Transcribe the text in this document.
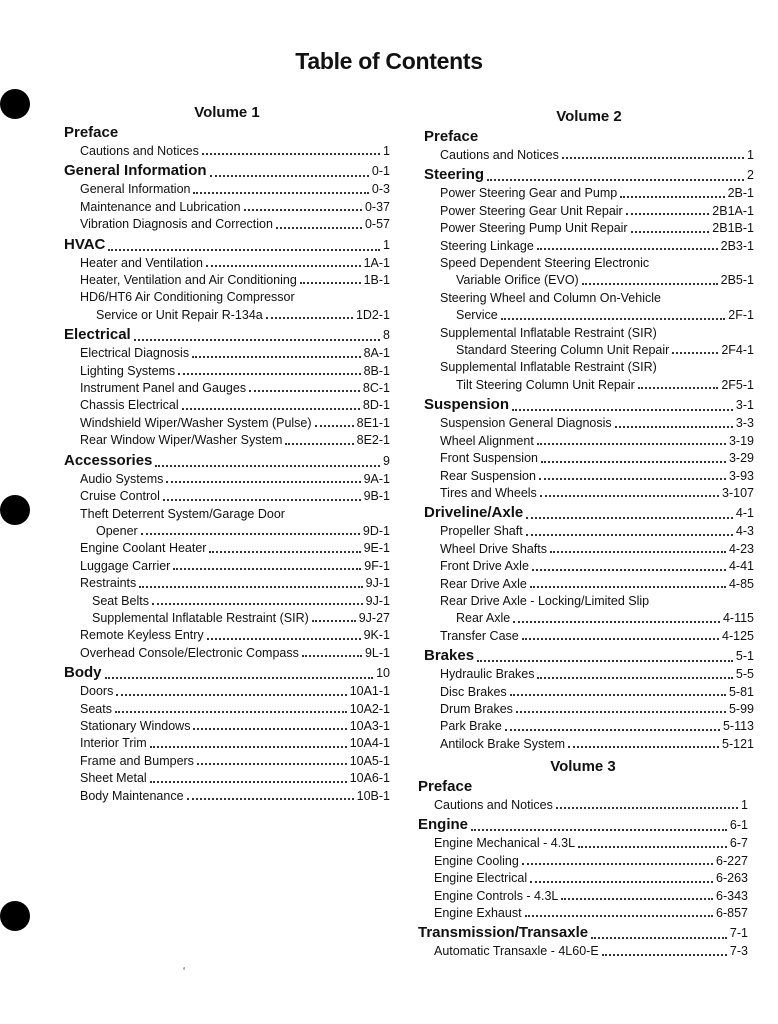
Table of Contents
Volume 1
Preface
Cautions and Notices	1
General Information	0-1
General Information	0-3
Maintenance and Lubrication	0-37
Vibration Diagnosis and Correction	0-57
HVAC	1
Heater and Ventilation	1A-1
Heater, Ventilation and Air Conditioning	1B-1
HD6/HT6 Air Conditioning Compressor
Service or Unit Repair R-134a	1D2-1
Electrical	8
Electrical Diagnosis	8A-1
Lighting Systems	8B-1
Instrument Panel and Gauges	8C-1
Chassis Electrical	8D-1
Windshield Wiper/Washer System (Pulse)	8E1-1
Rear Window Wiper/Washer System	8E2-1
Accessories	9
Audio Systems	9A-1
Cruise Control	9B-1
Theft Deterrent System/Garage Door
Opener	9D-1
Engine Coolant Heater	9E-1
Luggage Carrier	9F-1
Restraints	9J-1
Seat Belts	9J-1
Supplemental Inflatable Restraint (SIR)	9J-27
Remote Keyless Entry	9K-1
Overhead Console/Electronic Compass	9L-1
Body	10
Doors	10A1-1
Seats	10A2-1
Stationary Windows	10A3-1
Interior Trim	10A4-1
Frame and Bumpers	10A5-1
Sheet Metal	10A6-1
Body Maintenance	10B-1
Volume 2
Preface
Cautions and Notices	1
Steering	2
Power Steering Gear and Pump	2B-1
Power Steering Gear Unit Repair	2B1A-1
Power Steering Pump Unit Repair	2B1B-1
Steering Linkage	2B3-1
Speed Dependent Steering Electronic
Variable Orifice (EVO)	2B5-1
Steering Wheel and Column On-Vehicle
Service	2F-1
Supplemental Inflatable Restraint (SIR)
Standard Steering Column Unit Repair	2F4-1
Supplemental Inflatable Restraint (SIR)
Tilt Steering Column Unit Repair	2F5-1
Suspension	3-1
Suspension General Diagnosis	3-3
Wheel Alignment	3-19
Front Suspension	3-29
Rear Suspension	3-93
Tires and Wheels	3-107
Driveline/Axle	4-1
Propeller Shaft	4-3
Wheel Drive Shafts	4-23
Front Drive Axle	4-41
Rear Drive Axle	4-85
Rear Drive Axle - Locking/Limited Slip
Rear Axle	4-115
Transfer Case	4-125
Brakes	5-1
Hydraulic Brakes	5-5
Disc Brakes	5-81
Drum Brakes	5-99
Park Brake	5-113
Antilock Brake System	5-121
Volume 3
Preface
Cautions and Notices	1
Engine	6-1
Engine Mechanical - 4.3L	6-7
Engine Cooling	6-227
Engine Electrical	6-263
Engine Controls - 4.3L	6-343
Engine Exhaust	6-857
Transmission/Transaxle	7-1
Automatic Transaxle - 4L60-E	7-3
‘
